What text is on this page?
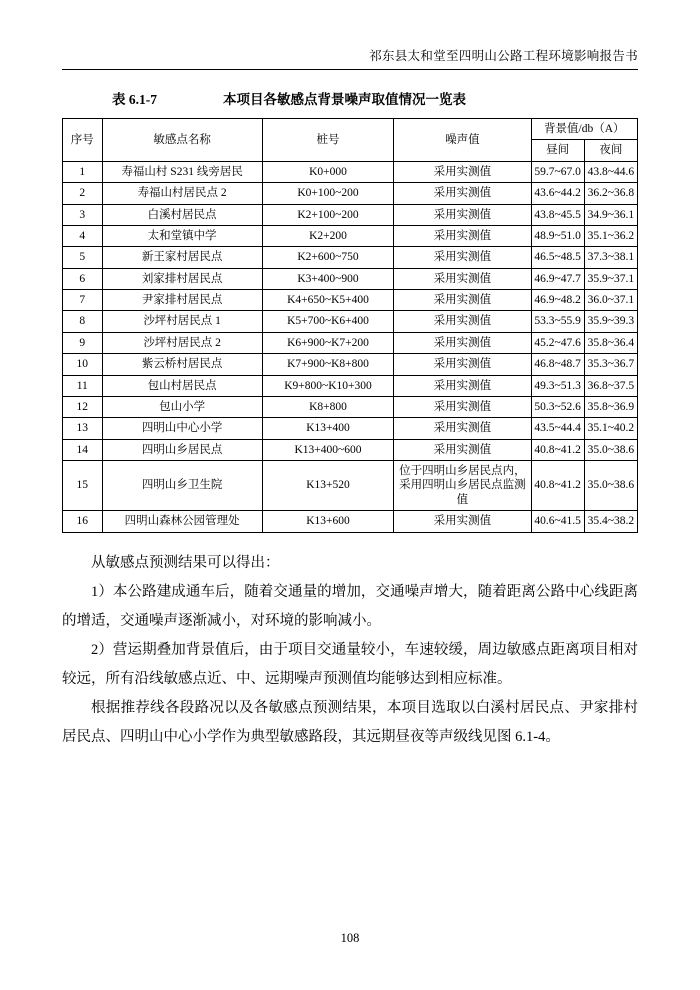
祁东县太和堂至四明山公路工程环境影响报告书
表 6.1-7	本项目各敏感点背景噪声取值情况一览表
序号	敏感点名称	桩号	噪声值	背景值/db（A）	
				昼间	夜间
1	寿福山村 S231 线旁居民	K0+000	采用实测值	59.7~67.0	43.8~44.6
2	寿福山村居民点 2	K0+100~200	采用实测值	43.6~44.2	36.2~36.8
3	白溪村居民点	K2+100~200	采用实测值	43.8~45.5	34.9~36.1
4	太和堂镇中学	K2+200	采用实测值	48.9~51.0	35.1~36.2
5	新王家村居民点	K2+600~750	采用实测值	46.5~48.5	37.3~38.1
6	刘家排村居民点	K3+400~900	采用实测值	46.9~47.7	35.9~37.1
7	尹家排村居民点	K4+650~K5+400	采用实测值	46.9~48.2	36.0~37.1
8	沙坪村居民点 1	K5+700~K6+400	采用实测值	53.3~55.9	35.9~39.3
9	沙坪村居民点 2	K6+900~K7+200	采用实测值	45.2~47.6	35.8~36.4
10	紫云桥村居民点	K7+900~K8+800	采用实测值	46.8~48.7	35.3~36.7
11	包山村居民点	K9+800~K10+300	采用实测值	49.3~51.3	36.8~37.5
12	包山小学	K8+800	采用实测值	50.3~52.6	35.8~36.9
13	四明山中心小学	K13+400	采用实测值	43.5~44.4	35.1~40.2
14	四明山乡居民点	K13+400~600	采用实测值	40.8~41.2	35.0~38.6
15	四明山乡卫生院	K13+520	位于四明山乡居民点内，采用四明山乡居民点监测值	40.8~41.2	35.0~38.6
16	四明山森林公园管理处	K13+600	采用实测值	40.6~41.5	35.4~38.2

从敏感点预测结果可以得出：

1）本公路建成通车后，随着交通量的增加，交通噪声增大，随着距离公路中心线距离的增适，交通噪声逐渐减小，对环境的影响减小。

2）营运期叠加背景值后，由于项目交通量较小，车速较缓，周边敏感点距离项目相对较远，所有沿线敏感点近、中、远期噪声预测值均能够达到相应标准。

根据推荐线各段路况以及各敏感点预测结果，本项目选取以白溪村居民点、尹家排村居民点、四明山中心小学作为典型敏感路段，其远期昼夜等声级线见图 6.1-4。

108
